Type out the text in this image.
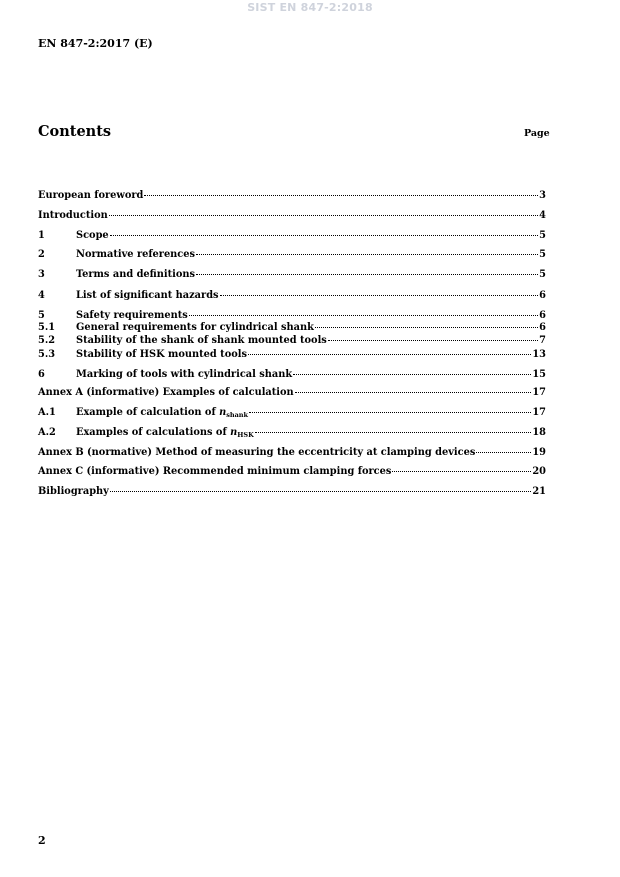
SIST EN 847-2:2018
EN 847-2:2017 (E)
Contents	Page
European foreword	3
Introduction	4
1	Scope	5
2	Normative references	5
3	Terms and definitions	5
4	List of significant hazards	6
5	Safety requirements	6
5.1	General requirements for cylindrical shank	6
5.2	Stability of the shank of shank mounted tools	7
5.3	Stability of HSK mounted tools	13
6	Marking of tools with cylindrical shank	15
Annex A (informative) Examples of calculation	17
A.1	Example of calculation of $n_{shank}$	17
A.2	Examples of calculations of $n_{HSK}$	18
Annex B (normative) Method of measuring the eccentricity at clamping devices	19
Annex C (informative) Recommended minimum clamping forces	20
Bibliography	21
2
